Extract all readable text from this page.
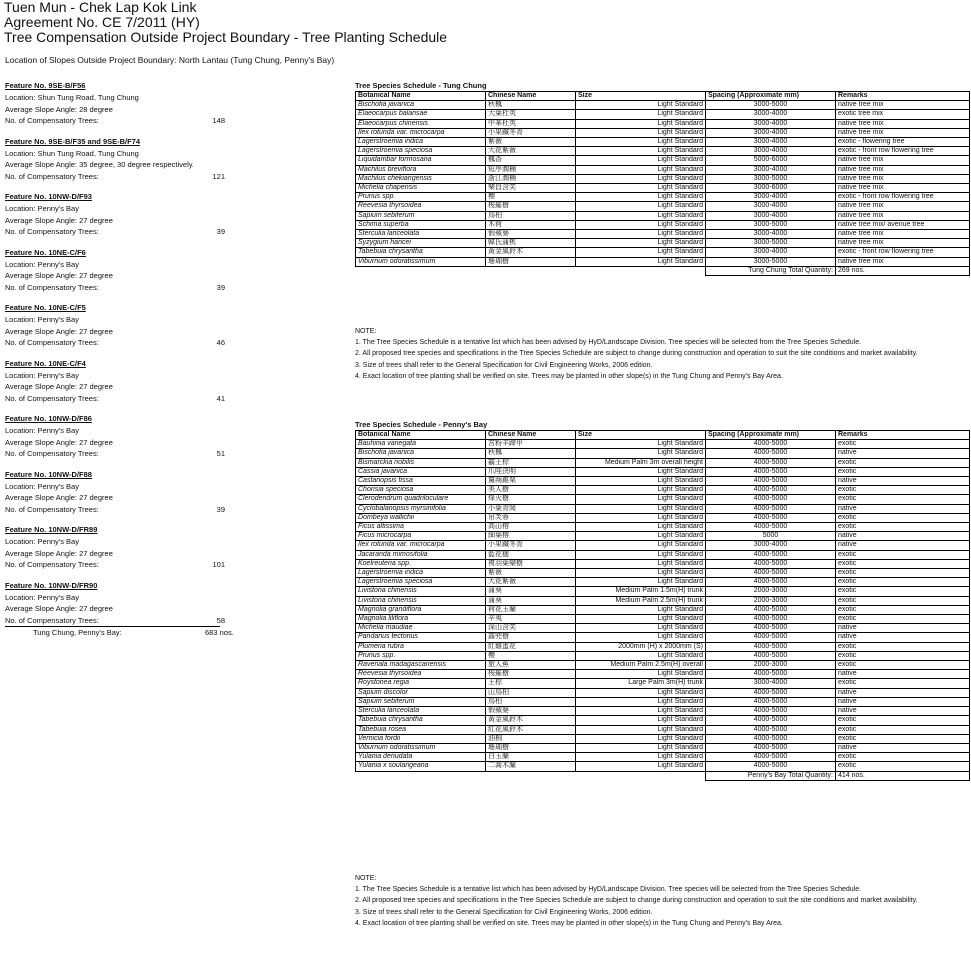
Tuen Mun - Chek Lap Kok Link
Agreement No. CE 7/2011 (HY)
Tree Compensation Outside Project Boundary - Tree Planting Schedule
Location of Slopes Outside Project Boundary: North Lantau (Tung Chung, Penny's Bay)
Feature No. 9SE-B/F56
Location: Shun Tung Road, Tung Chung
Average Slope Angle: 28 degree
No. of Compensatory Trees:	148
Feature No. 9SE-B/F35 and 9SE-B/F74
Location: Shun Tung Road, Tung Chung
Average Slope Angle: 35 degree, 30 degree respectively.
No. of Compensatory Trees:	121
Feature No. 10NW-D/F93
Location: Penny's Bay
Average Slope Angle: 27 degree
No. of Compensatory Trees:	39
Feature No. 10NE-C/F6
Location: Penny's Bay
Average Slope Angle: 27 degree
No. of Compensatory Trees:	39
Feature No. 10NE-C/F5
Location: Penny's Bay
Average Slope Angle: 27 degree
No. of Compensatory Trees:	46
Feature No. 10NE-C/F4
Location: Penny's Bay
Average Slope Angle: 27 degree
No. of Compensatory Trees:	41
Feature No. 10NW-D/F86
Location: Penny's Bay
Average Slope Angle: 27 degree
No. of Compensatory Trees:	51
Feature No. 10NW-D/F88
Location: Penny's Bay
Average Slope Angle: 27 degree
No. of Compensatory Trees:	39
Feature No. 10NW-D/FR89
Location: Penny's Bay
Average Slope Angle: 27 degree
No. of Compensatory Trees:	101
Feature No. 10NW-D/FR90
Location: Penny's Bay
Average Slope Angle: 27 degree
No. of Compensatory Trees:	58
Tung Chung, Penny's Bay:	683 nos.
Tree Species Schedule - Tung Chung
Botanical Name	Chinese Name	Size	Spacing (Approximate mm)	Remarks
Bischofia javanica	秋楓	Light Standard	3000-5000	native tree mix
Elaeocarpus balansae	大葉杜英	Light Standard	3000-4000	exotic tree mix
Elaeocarpus chinensis	中華杜英	Light Standard	3000-4000	native tree mix
Ilex rotunda var. microcarpa	小果鐵冬青	Light Standard	3000-4000	native tree mix
Lagerstroemia indica	紫薇	Light Standard	3000-4000	exotic - flowering tree
Lagerstroemia speciosa	大花紫薇	Light Standard	3000-4000	exotic - front row flowering tree
Liquidambar formosana	楓香	Light Standard	5000-6000	native tree mix
Machilus breviflora	短序潤楠	Light Standard	3000-4000	native tree mix
Machilus chekiangensis	浙江潤楠	Light Standard	3000-5000	native tree mix
Michelia chapensis	樂昌含笑	Light Standard	3000-6000	native tree mix
Prunus spp.	櫻	Light Standard	3000-4000	exotic - front row flowering tree
Reevesia thyrsoidea	梭羅樹	Light Standard	3000-4000	native tree mix
Sapium sebiferum	烏桕	Light Standard	3000-4000	native tree mix
Schima superba	木荷	Light Standard	3000-5000	native tree mix/ avenue tree
Sterculia lanceolata	假蘋婆	Light Standard	3000-4000	native tree mix
Syzygium hancei	韓氏蒲桃	Light Standard	3000-5000	native tree mix
Tabebuia chrysantha	黃金風鈴木	Light Standard	3000-4000	exotic - front row flowering tree
Viburnum odoratissimum	珊瑚樹	Light Standard	3000-5000	native tree mix
			Tung Chung Total Quantity:	269 nos.
NOTE:
1. The Tree Species Schedule is a tentative list which has been advised by HyD/Landscape Division. Tree species will be selected from the Tree Species Schedule.
2. All proposed tree species and specifications in the Tree Species Schedule are subject to change during construction and operation to suit the site conditions and market availability.
3. Size of trees shall refer to the General Specification for Civil Engineering Works, 2006 edition.
4. Exact location of tree planting shall be verified on site. Trees may be planted in other slope(s) in the Tung Chung and Penny's Bay Area.
Tree Species Schedule - Penny's Bay
Botanical Name	Chinese Name	Size	Spacing (Approximate mm)	Remarks
Bauhinia variegata	宮粉羊蹄甲	Light Standard	4000-5000	exotic
Bischofia javanica	秋楓	Light Standard	4000-5000	native
Bismarckia nobilis	霸王棕	Medium Palm 3m overall height	4000-5000	exotic
Cassia javanica	爪哇決明	Light Standard	4000-5000	exotic
Castanopsis fissa	黧蒴錐栗	Light Standard	4000-5000	native
Chorisia speciosa	美人樹	Light Standard	4000-5000	exotic
Clerodendrum quadriloculare	烽火樹	Light Standard	4000-5000	exotic
Cyclobalanopsis myrsinifolia	小葉青岡	Light Standard	4000-5000	native
Dombeya wallichii	吊芙蓉	Light Standard	4000-5000	exotic
Ficus altissima	高山榕	Light Standard	4000-5000	exotic
Ficus microcarpa	細葉榕	Light Standard	5000	native
Ilex rotunda var. microcarpa	小果鐵冬青	Light Standard	3000-4000	native
Jacaranda mimosifolia	藍花楹	Light Standard	4000-5000	exotic
Koelreuteria spp.	複羽葉欒樹	Light Standard	4000-5000	exotic
Lagerstroemia indica	紫薇	Light Standard	4000-5000	exotic
Lagerstroemia speciosa	大花紫薇	Light Standard	4000-5000	exotic
Livistona chinensis	蒲葵	Medium Palm 1.5m(H) trunk	2000-3000	exotic
Livistona chinensis	蒲葵	Medium Palm 2.5m(H) trunk	2000-3000	exotic
Magnolia grandiflora	荷花玉蘭	Light Standard	4000-5000	exotic
Magnolia liliflora	辛夷	Light Standard	4000-5000	exotic
Michelia maudiae	深山含笑	Light Standard	4000-5000	native
Pandanus tectorius	露兜樹	Light Standard	4000-5000	native
Plumeria rubra	紅雞蛋花	2000mm (H) x 2000mm (S)	4000-5000	exotic
Prunus spp.	櫻	Light Standard	4000-5000	exotic
Ravenala madagascariensis	旅人蕉	Medium Palm 2.5m(H) overall	2000-3000	exotic
Reevesia thyrsoidea	梭羅樹	Light Standard	4000-5000	native
Roystonea regia	王棕	Large Palm 3m(H) trunk	3000-4000	exotic
Sapium discolor	山烏桕	Light Standard	4000-5000	native
Sapium sebiferum	烏桕	Light Standard	4000-5000	native
Sterculia lanceolata	假蘋婆	Light Standard	4000-5000	native
Tabebuia chrysantha	黃金風鈴木	Light Standard	4000-5000	exotic
Tabebuia rosea	紅花風鈴木	Light Standard	4000-5000	exotic
Vernicia fordii	油桐	Light Standard	4000-5000	exotic
Viburnum odoratissimum	珊瑚樹	Light Standard	4000-5000	native
Yulania denudata	白玉蘭	Light Standard	4000-5000	exotic
Yulania x soulangeana	二喬木蘭	Light Standard	4000-5000	exotic
			Penny's Bay Total Quantity:	414 nos.
NOTE:
1. The Tree Species Schedule is a tentative list which has been advised by HyD/Landscape Division. Tree species will be selected from the Tree Species Schedule.
2. All proposed tree species and specifications in the Tree Species Schedule are subject to change during construction and operation to suit the site conditions and market availability.
3. Size of trees shall refer to the General Specification for Civil Engineering Works, 2006 edition.
4. Exact location of tree planting shall be verified on site. Trees may be planted in other slope(s) in the Tung Chung and Penny's Bay Area.
